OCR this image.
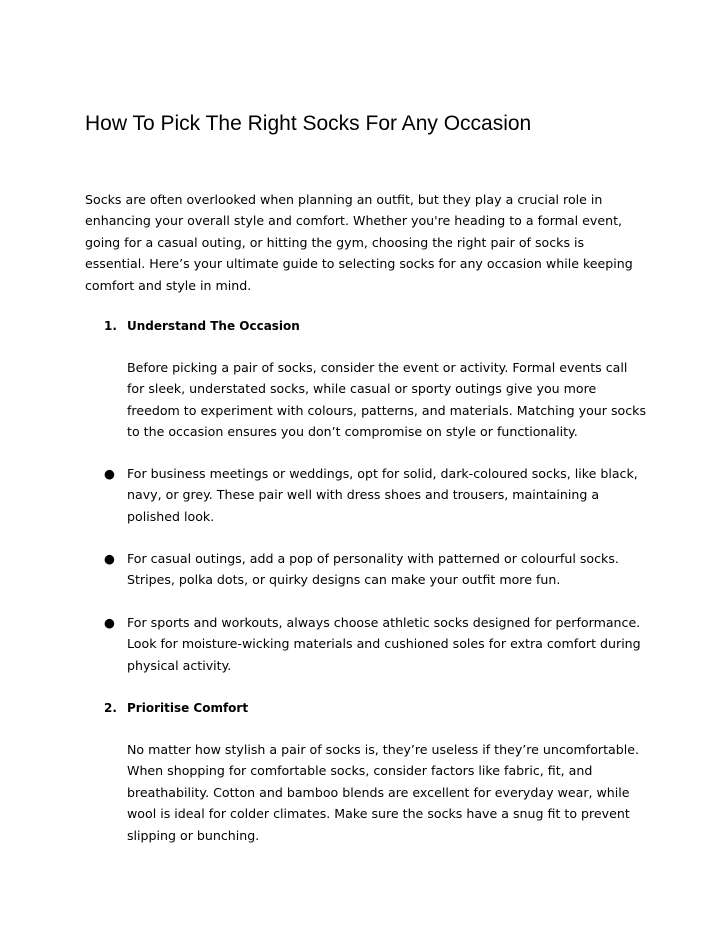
How To Pick The Right Socks For Any Occasion

Socks are often overlooked when planning an outfit, but they play a crucial role in enhancing your overall style and comfort. Whether you're heading to a formal event, going for a casual outing, or hitting the gym, choosing the right pair of socks is essential. Here’s your ultimate guide to selecting socks for any occasion while keeping comfort and style in mind.

1. Understand The Occasion

Before picking a pair of socks, consider the event or activity. Formal events call for sleek, understated socks, while casual or sporty outings give you more freedom to experiment with colours, patterns, and materials. Matching your socks to the occasion ensures you don’t compromise on style or functionality.

● For business meetings or weddings, opt for solid, dark-coloured socks, like black, navy, or grey. These pair well with dress shoes and trousers, maintaining a polished look.

● For casual outings, add a pop of personality with patterned or colourful socks. Stripes, polka dots, or quirky designs can make your outfit more fun.

● For sports and workouts, always choose athletic socks designed for performance. Look for moisture-wicking materials and cushioned soles for extra comfort during physical activity.

2. Prioritise Comfort

No matter how stylish a pair of socks is, they’re useless if they’re uncomfortable. When shopping for comfortable socks, consider factors like fabric, fit, and breathability. Cotton and bamboo blends are excellent for everyday wear, while wool is ideal for colder climates. Make sure the socks have a snug fit to prevent slipping or bunching.
